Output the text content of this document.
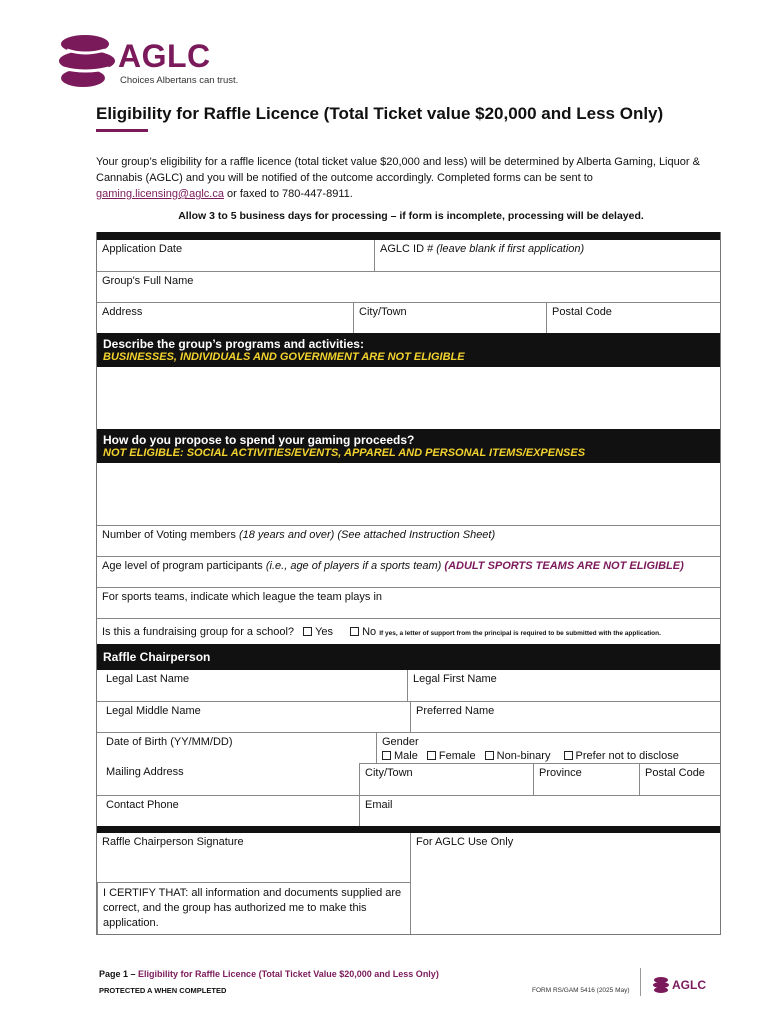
AGLC
Choices Albertans can trust.
Eligibility for Raffle Licence (Total Ticket value $20,000 and Less Only)
Your group’s eligibility for a raffle licence (total ticket value $20,000 and less) will be determined by Alberta Gaming, Liquor & Cannabis (AGLC) and you will be notified of the outcome accordingly. Completed forms can be sent to gaming.licensing@aglc.ca or faxed to 780-447-8911.
Allow 3 to 5 business days for processing – if form is incomplete, processing will be delayed.
Application Date	AGLC ID # (leave blank if first application)
Group's Full Name
Address	City/Town	Postal Code
Describe the group’s programs and activities:
BUSINESSES, INDIVIDUALS AND GOVERNMENT ARE NOT ELIGIBLE
How do you propose to spend your gaming proceeds?
NOT ELIGIBLE: SOCIAL ACTIVITIES/EVENTS, APPAREL AND PERSONAL ITEMS/EXPENSES
Number of Voting members (18 years and over) (See attached Instruction Sheet)
Age level of program participants (i.e., age of players if a sports team) (ADULT SPORTS TEAMS ARE NOT ELIGIBLE)
For sports teams, indicate which league the team plays in
Is this a fundraising group for a school? Yes	No If yes, a letter of support from the principal is required to be submitted with the application.
Raffle Chairperson
Legal Last Name	Legal First Name
Legal Middle Name	Preferred Name
Date of Birth (YY/MM/DD)	Gender
Male Female Non-binary Prefer not to disclose
Mailing Address	City/Town	Province	Postal Code
Contact Phone	Email
Raffle Chairperson Signature
I CERTIFY THAT: all information and documents supplied are correct, and the group has authorized me to make this application.
For AGLC Use Only
Page 1 – Eligibility for Raffle Licence (Total Ticket Value $20,000 and Less Only)
PROTECTED A WHEN COMPLETED	FORM RS/GAM 5416 (2025 May)	AGLC
